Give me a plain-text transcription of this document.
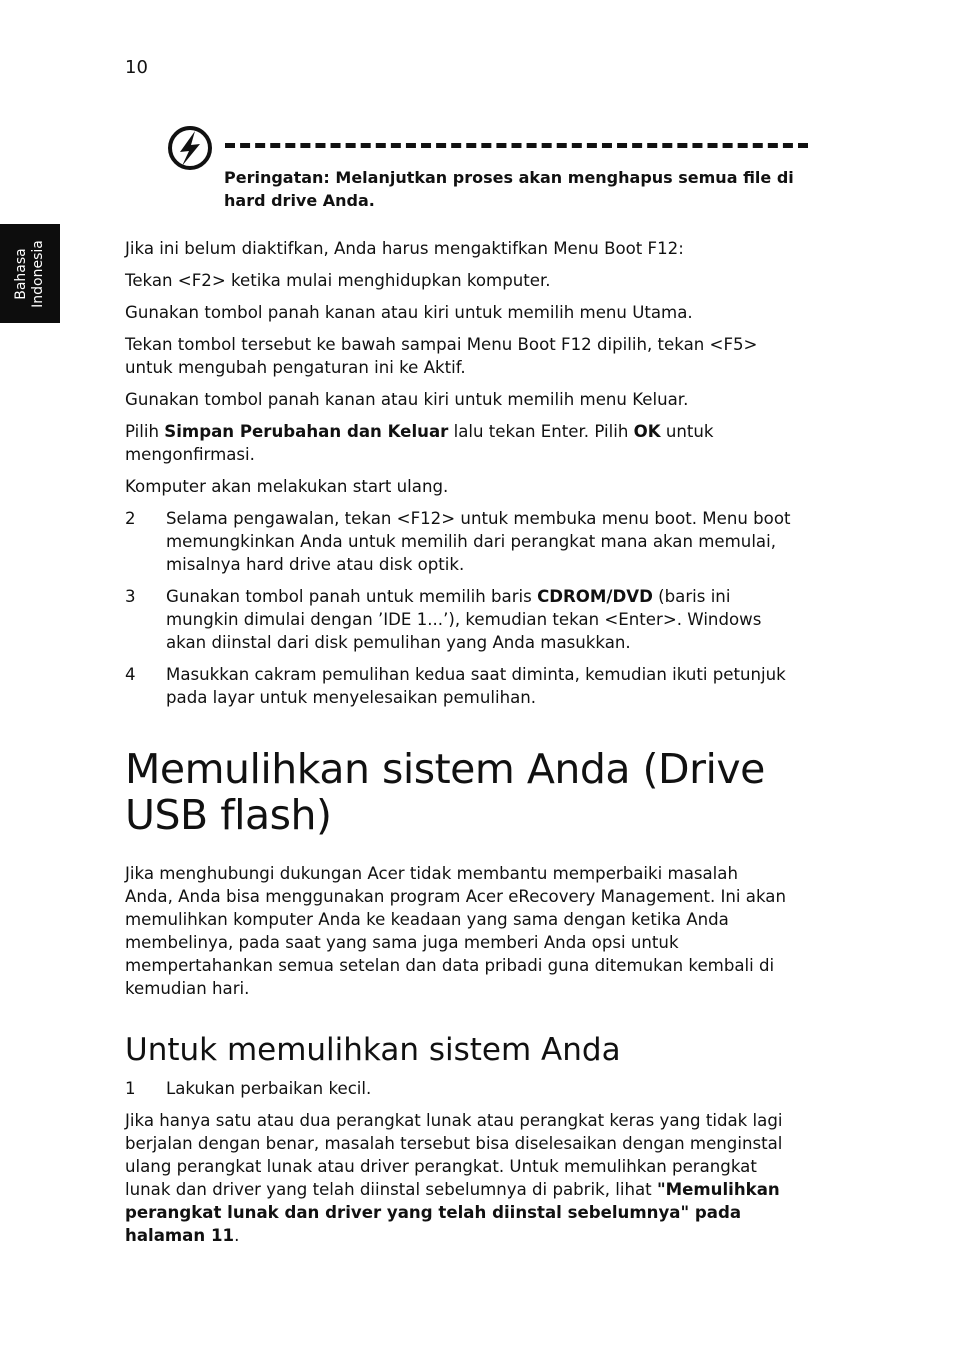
10
Bahasa Indonesia
Peringatan: Melanjutkan proses akan menghapus semua file di
hard drive Anda.

Jika ini belum diaktifkan, Anda harus mengaktifkan Menu Boot F12:

Tekan <F2> ketika mulai menghidupkan komputer.

Gunakan tombol panah kanan atau kiri untuk memilih menu Utama.

Tekan tombol tersebut ke bawah sampai Menu Boot F12 dipilih, tekan <F5>
untuk mengubah pengaturan ini ke Aktif.

Gunakan tombol panah kanan atau kiri untuk memilih menu Keluar.

Pilih Simpan Perubahan dan Keluar lalu tekan Enter. Pilih OK untuk
mengonfirmasi.

Komputer akan melakukan start ulang.

2	Selama pengawalan, tekan <F12> untuk membuka menu boot. Menu boot
memungkinkan Anda untuk memilih dari perangkat mana akan memulai,
misalnya hard drive atau disk optik.
3	Gunakan tombol panah untuk memilih baris CDROM/DVD (baris ini
mungkin dimulai dengan ’IDE 1...’), kemudian tekan <Enter>. Windows
akan diinstal dari disk pemulihan yang Anda masukkan.
4	Masukkan cakram pemulihan kedua saat diminta, kemudian ikuti petunjuk
pada layar untuk menyelesaikan pemulihan.
Memulihkan sistem Anda (Drive
USB flash)

Jika menghubungi dukungan Acer tidak membantu memperbaiki masalah
Anda, Anda bisa menggunakan program Acer eRecovery Management. Ini akan
memulihkan komputer Anda ke keadaan yang sama dengan ketika Anda
membelinya, pada saat yang sama juga memberi Anda opsi untuk
mempertahankan semua setelan dan data pribadi guna ditemukan kembali di
kemudian hari.

Untuk memulihkan sistem Anda
1	Lakukan perbaikan kecil.

Jika hanya satu atau dua perangkat lunak atau perangkat keras yang tidak lagi
berjalan dengan benar, masalah tersebut bisa diselesaikan dengan menginstal
ulang perangkat lunak atau driver perangkat. Untuk memulihkan perangkat
lunak dan driver yang telah diinstal sebelumnya di pabrik, lihat "Memulihkan
perangkat lunak dan driver yang telah diinstal sebelumnya" pada halaman 11.
